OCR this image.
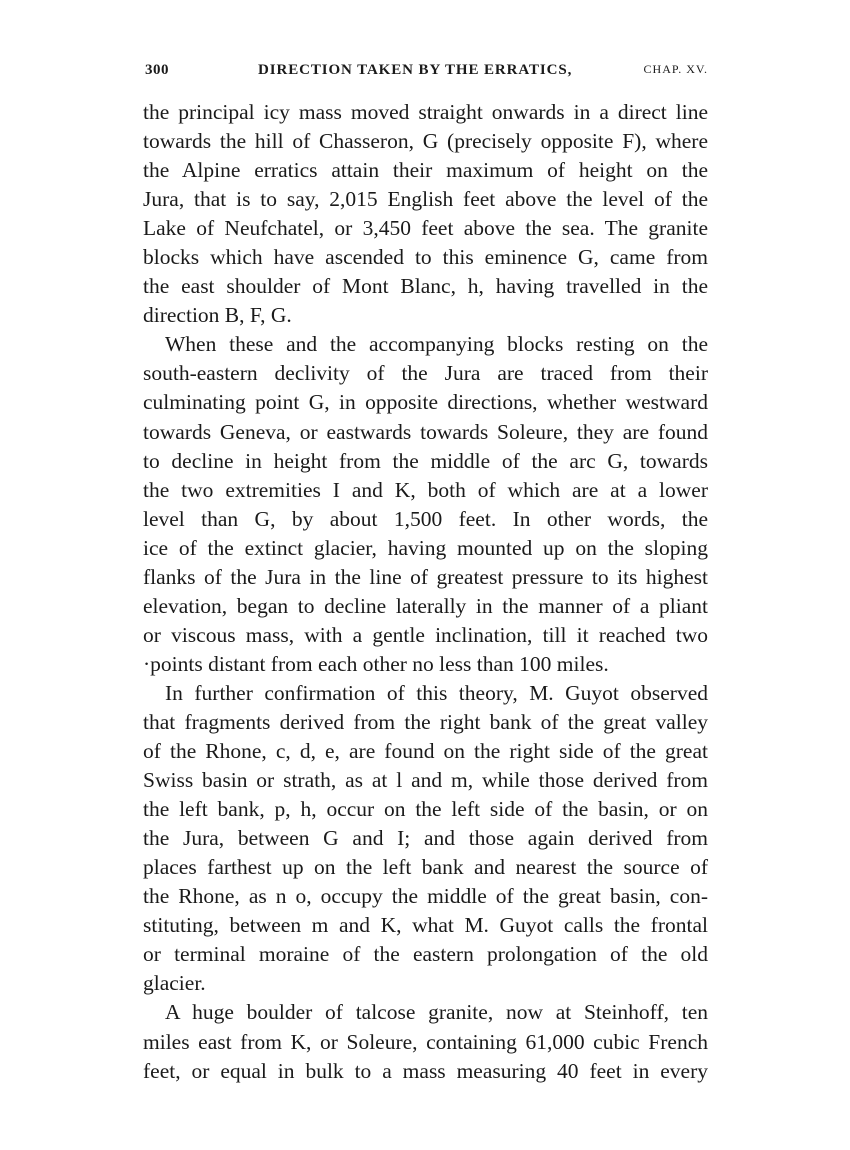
300	DIRECTION TAKEN BY THE ERRATICS,	CHAP. XV.

the principal icy mass moved straight onwards in a direct line
towards the hill of Chasseron, G (precisely opposite F), where
the Alpine erratics attain their maximum of height on the
Jura, that is to say, 2,015 English feet above the level of the
Lake of Neufchatel, or 3,450 feet above the sea. The granite
blocks which have ascended to this eminence G, came from
the east shoulder of Mont Blanc, h, having travelled in the
direction B, F, G.

When these and the accompanying blocks resting on the
south-eastern declivity of the Jura are traced from their
culminating point G, in opposite directions, whether westward
towards Geneva, or eastwards towards Soleure, they are found
to decline in height from the middle of the arc G, towards
the two extremities I and K, both of which are at a lower
level than G, by about 1,500 feet. In other words, the
ice of the extinct glacier, having mounted up on the sloping
flanks of the Jura in the line of greatest pressure to its highest
elevation, began to decline laterally in the manner of a pliant
or viscous mass, with a gentle inclination, till it reached two
·points distant from each other no less than 100 miles.

In further confirmation of this theory, M. Guyot observed
that fragments derived from the right bank of the great valley
of the Rhone, c, d, e, are found on the right side of the great
Swiss basin or strath, as at l and m, while those derived from
the left bank, p, h, occur on the left side of the basin, or on
the Jura, between G and I; and those again derived from
places farthest up on the left bank and nearest the source of
the Rhone, as n o, occupy the middle of the great basin, con-
stituting, between m and K, what M. Guyot calls the frontal
or terminal moraine of the eastern prolongation of the old
glacier.

A huge boulder of talcose granite, now at Steinhoff, ten
miles east from K, or Soleure, containing 61,000 cubic French
feet, or equal in bulk to a mass measuring 40 feet in every
